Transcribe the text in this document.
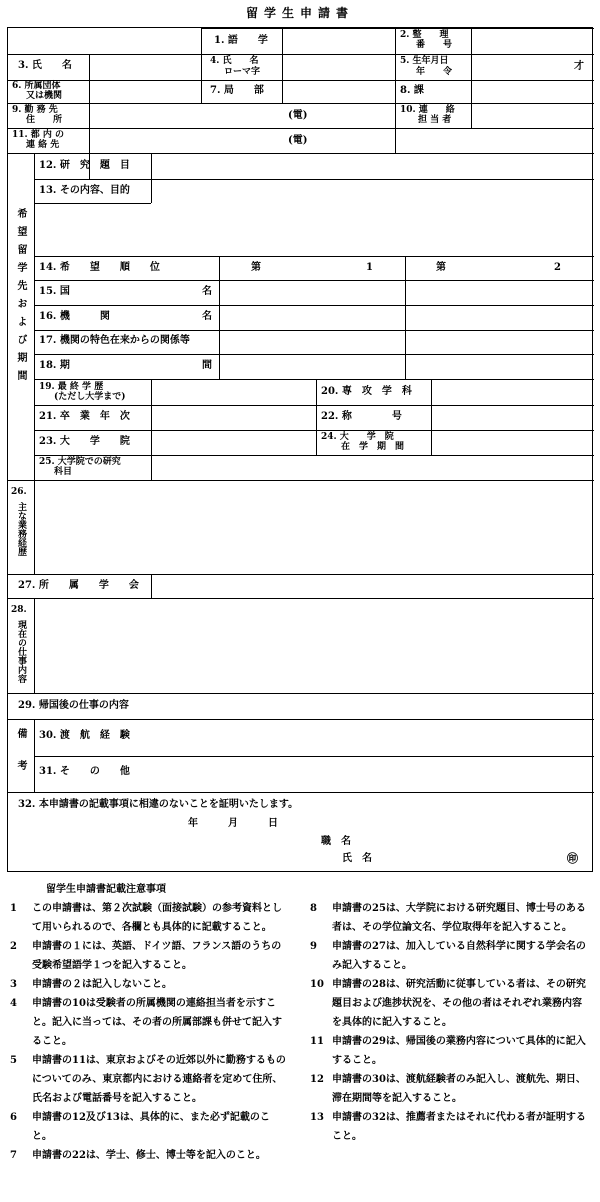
留学生申請書
1. 語　　学	2. 整　　理
番　　号
3. 氏　　名	4. 氏　　名
ローマ字
5. 生年月日
年　　令	才
6. 所属団体
又は機関	7. 局　　部	8. 課
9. 勤 務 先
住　　所	(電)	10. 連　　絡
担 当 者
11. 都 内 の
連 絡 先	(電)
希望留学先および期間
12. 研　究　題　目
13. その内容、目的
14. 希　　望　　順　　位	第	1	第	2
15. 国	名
16. 機　　　関	名
17. 機関の特色在来からの関係等
18. 期	間
19. 最 終 学 歴
(ただし大学まで)	20. 専　攻　学　科
21. 卒　業　年　次	22. 称　　　　号
23. 大　　学　　院	24. 大　　学　院
在　学　期　間
25. 大学院での研究
科目
26.
主な業務経歴
27. 所　　属　　学　　会
28.
現在の仕事内容
29. 帰国後の仕事の内容
備考 30. 渡　航　経　験
31. そ　　の　　他
32. 本申請書の記載事項に相違のないことを証明いたします。
年　　　月　　　日
職　名
氏　名	㊞
留学生申請書記載注意事項

1 この申請書は、第２次試験（面接試験）の参考資料として用いられるので、各欄とも具体的に記載すること。

2 申請書の１には、英語、ドイツ語、フランス語のうちの受験希望語学１つを記入すること。

3 申請書の２は記入しないこと。

4 申請書の10は受験者の所属機関の連絡担当者を示すこと。記入に当っては、その者の所属部課も併せて記入すること。

5 申請書の11は、東京およびその近郊以外に勤務するものについてのみ、東京都内における連絡者を定めて住所、氏名および電話番号を記入すること。

6 申請書の12及び13は、具体的に、また必ず記載のこと。

7 申請書の22は、学士、修士、博士等を記入のこと。

8 申請書の25は、大学院における研究題目、博士号のある者は、その学位論文名、学位取得年を記入すること。

9 申請書の27は、加入している自然科学に関する学会名のみ記入すること。

10 申請書の28は、研究活動に従事している者は、その研究題目および進捗状況を、その他の者はそれぞれ業務内容を具体的に記入すること。

11 申請書の29は、帰国後の業務内容について具体的に記入すること。

12 申請書の30は、渡航経験者のみ記入し、渡航先、期日、滞在期間等を記入すること。

13 申請書の32は、推薦者またはそれに代わる者が証明すること。
